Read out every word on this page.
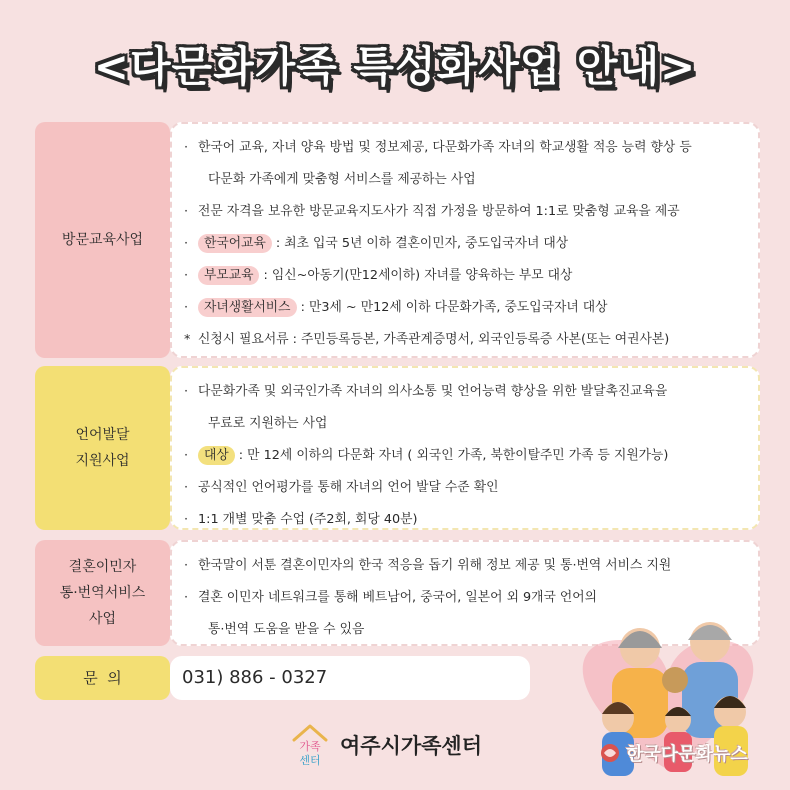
<다문화가족 특성화사업 안내>
방문교육사업
· 한국어 교육, 자녀 양육 방법 및 정보제공, 다문화가족 자녀의 학교생활 적응 능력 향상 등
다문화 가족에게 맞춤형 서비스를 제공하는 사업
· 전문 자격을 보유한 방문교육지도사가 직접 가정을 방문하여 1:1로 맞춤형 교육을 제공
· 한국어교육 : 최초 입국 5년 이하 결혼이민자, 중도입국자녀 대상
· 부모교육 : 임신~아동기(만12세이하) 자녀를 양육하는 부모 대상
· 자녀생활서비스 : 만3세 ~ 만12세 이하 다문화가족, 중도입국자녀 대상
* 신청시 필요서류 : 주민등록등본, 가족관계증명서, 외국인등록증 사본(또는 여권사본)
언어발달
지원사업
· 다문화가족 및 외국인가족 자녀의 의사소통 및 언어능력 향상을 위한 발달촉진교육을
무료로 지원하는 사업
· 대상 : 만 12세 이하의 다문화 자녀 ( 외국인 가족, 북한이탈주민 가족 등 지원가능)
· 공식적인 언어평가를 통해 자녀의 언어 발달 수준 확인
· 1:1 개별 맞춤 수업 (주2회, 회당 40분)
결혼이민자
통·번역서비스
사업
· 한국말이 서툰 결혼이민자의 한국 적응을 돕기 위해 정보 제공 및 통·번역 서비스 지원
· 결혼 이민자 네트워크를 통해 베트남어, 중국어, 일본어 외 9개국 언어의
통·번역 도움을 받을 수 있음
문  의	031) 886 - 0327
가족
센터
여주시가족센터	한국다문화뉴스
